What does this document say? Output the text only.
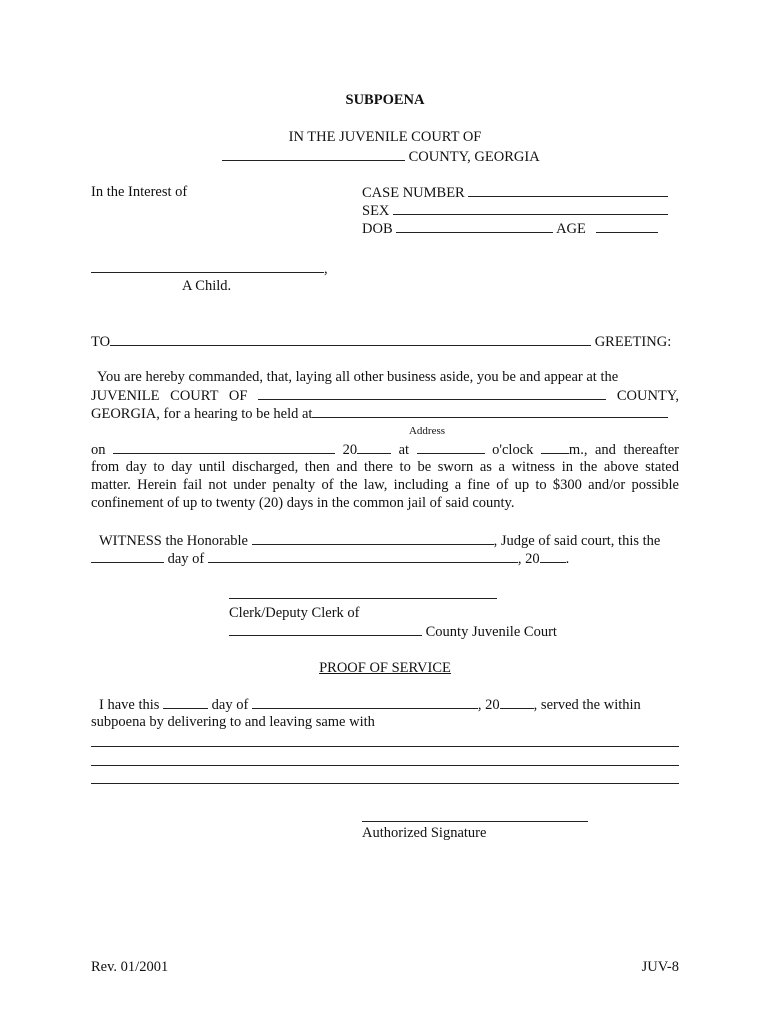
SUBPOENA
IN THE JUVENILE COURT OF
COUNTY, GEORGIA
In the Interest of	CASE NUMBER
SEX
DOB	AGE
,
A Child.
TO	GREETING:
You are hereby commanded, that, laying all other business aside, you be and appear at the
JUVENILE COURT OF	COUNTY,
GEORGIA, for a hearing to be held at
Address
on	20	at	o'clock m., and thereafter
from day to day until discharged, then and there to be sworn as a witness in the above stated
matter. Herein fail not under penalty of the law, including a fine of up to $300 and/or possible
confinement of up to twenty (20) days in the common jail of said county.
WITNESS the Honorable	, Judge of said court, this the
day of	, 20 .
Clerk/Deputy Clerk of
County Juvenile Court
PROOF OF SERVICE
I have this	day of	, 20 , served the within
subpoena by delivering to and leaving same with
Authorized Signature
Rev. 01/2001	JUV-8
